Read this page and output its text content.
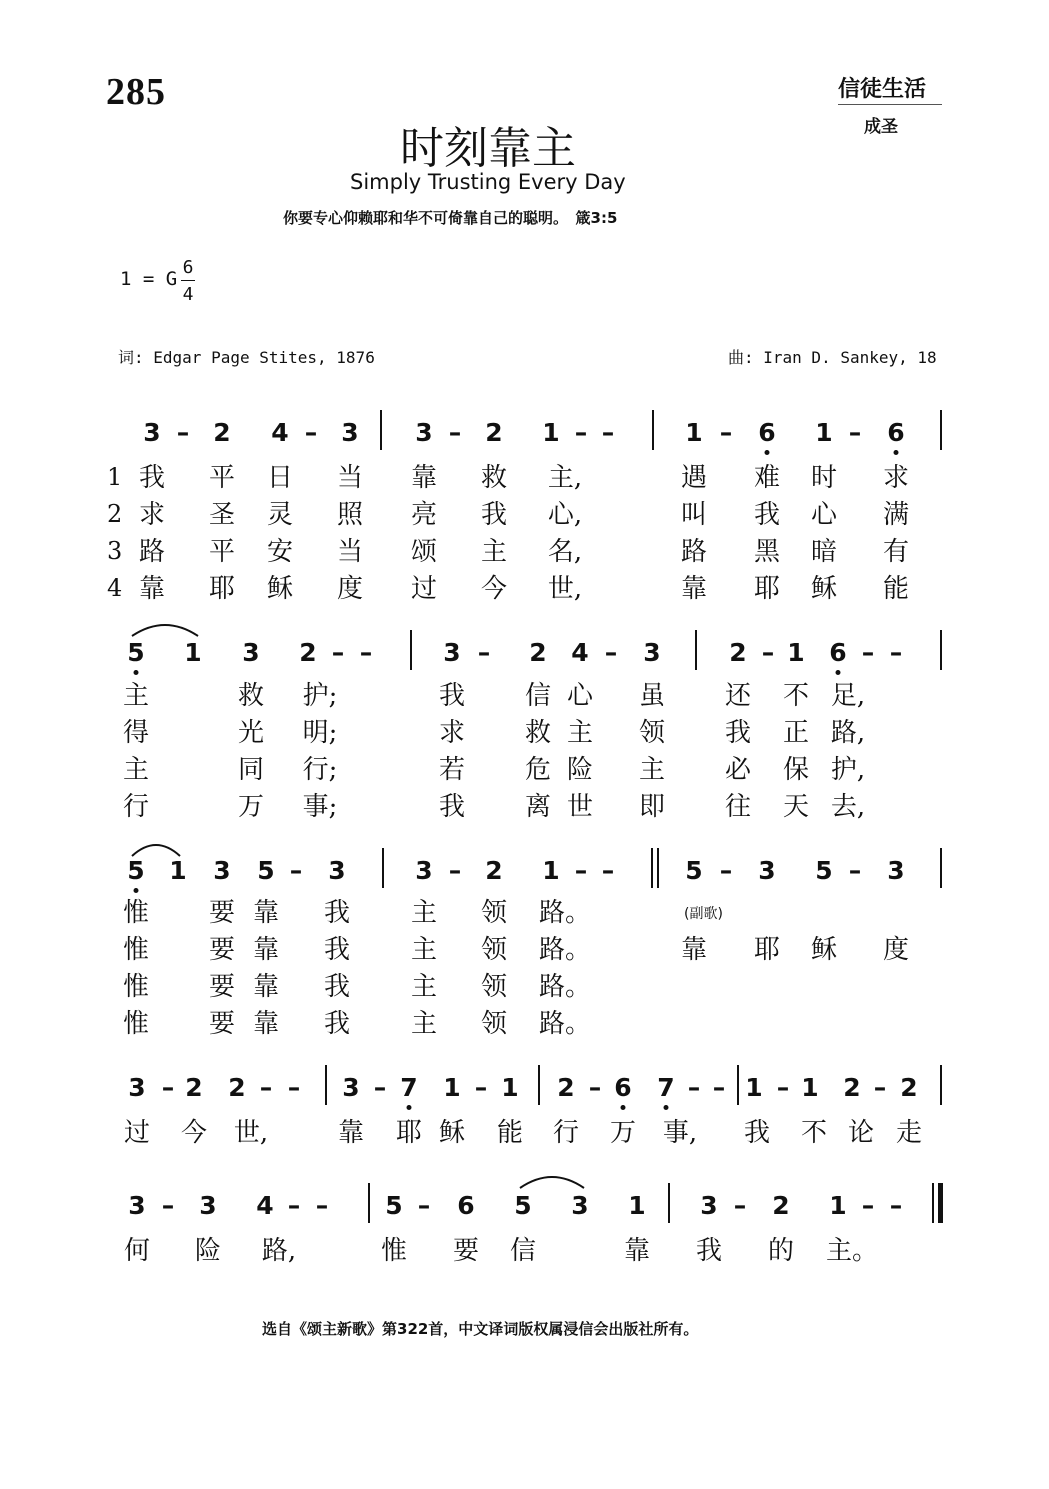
285	信徒生活
成圣
时刻靠主
Simply Trusting Every Day
你要专心仰赖耶和华不可倚靠自己的聪明。　箴3:5
1 = G
6
4
词: Edgar Page Stites, 1876	曲: Iran D. Sankey, 18
3 – 2 4 – 3 3 – 2 1 – –	1 – 6 1 – 6
1 我 平 日 当 靠 救 主,	遇 难 时 求
2 求 圣 灵 照 亮 我 心,	叫 我 心 满
3 路 平 安 当 颂 主 名,	路 黑 暗 有
4 靠 耶 稣 度 过 今 世,	靠 耶 稣 能
5 1 3 2 – –	3 – 2 4 – 3	2 – 1 6 – –
主	救 护;	我 信 心 虽 还 不 足,
得	光 明;	求 救 主 领 我 正 路,
主	同 行;	若 危 险 主 必 保 护,
行	万 事;	我 离 世 即 往 天 去,
5 1 3 5 – 3	3 – 2 1 – –	5 – 3 5 – 3
惟 要 靠 我 主 领 路。	(副歌)
惟 要 靠 我 主 领 路。	靠 耶 稣 度
惟 要 靠 我 主 领 路。
惟 要 靠 我 主 领 路。
3 – 2 2 – – 3 – 7 1 – 1 2 – 6 7 – – 1 – 1 2 – 2
过 今 世,	靠 耶 稣 能 行 万 事, 我 不 论 走
3 – 3 4 – – 5 – 6 5 3 1 3 – 2 1 – –
何 险 路,	惟 要 信	靠 我 的 主。
选自《颂主新歌》第322首，中文译词版权属浸信会出版社所有。
